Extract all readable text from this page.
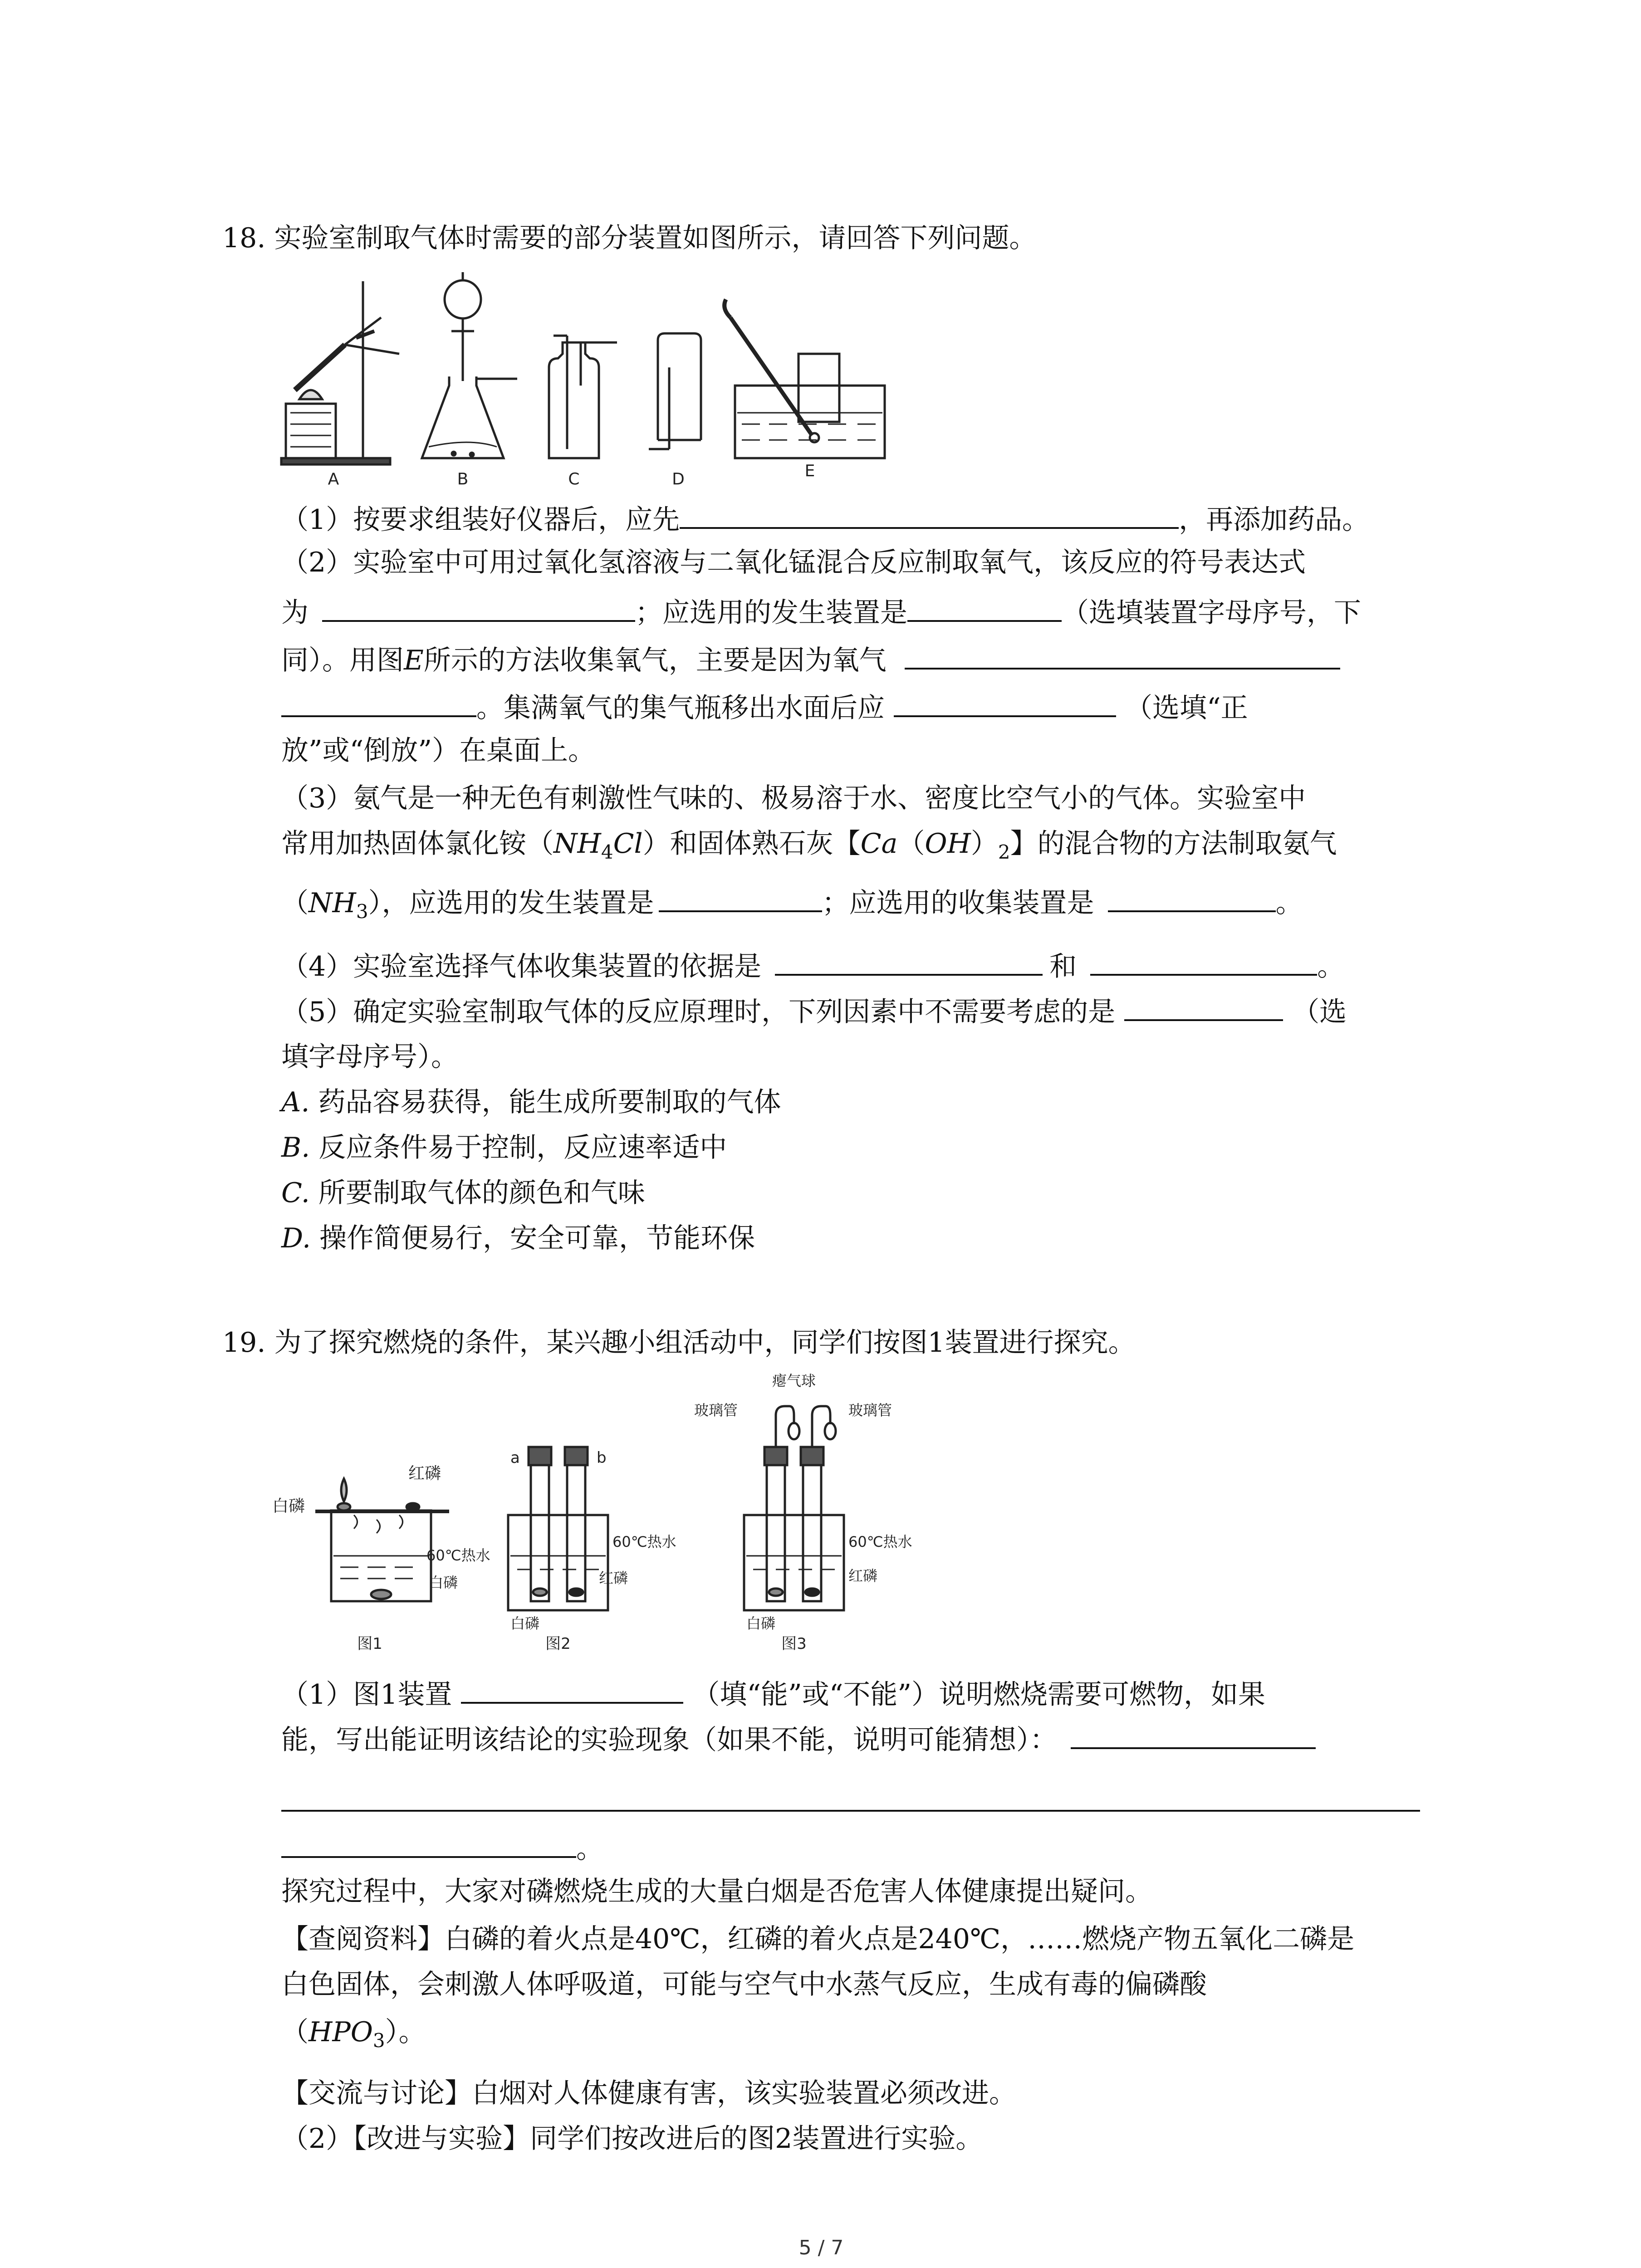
18. 实验室制取气体时需要的部分装置如图所示，请回答下列问题。
A	B	C	D	E
（1）按要求组装好仪器后，应先	，再添加药品。
（2）实验室中可用过氧化氢溶液与二氧化锰混合反应制取氧气，该反应的符号表达式
为	；应选用的发生装置是	（选填装置字母序号，下
同）。用图E所示的方法收集氧气，主要是因为氧气
。集满氧气的集气瓶移出水面后应	（选填“正
放”或“倒放”）在桌面上。
（3）氨气是一种无色有刺激性气味的、极易溶于水、密度比空气小的气体。实验室中
常用加热固体氯化铵$(NH_4Cl)$和固体熟石灰【$Ca(OH)_2$】的混合物的方法制取氨气
$(NH_3)$，应选用的发生装置是	；应选用的收集装置是	。
（4）实验室选择气体收集装置的依据是	和	。
（5）确定实验室制取气体的反应原理时，下列因素中不需要考虑的是	（选
填字母序号）。
A. 药品容易获得，能生成所要制取的气体
B. 反应条件易于控制，反应速率适中
C. 所要制取气体的颜色和气味
D. 操作简便易行，安全可靠，节能环保
19. 为了探究燃烧的条件，某兴趣小组活动中，同学们按图1装置进行探究。
白磷
红磷
60℃热水
白磷
图1
a	b
60℃热水
红磷
白磷
图2
瘪气球
玻璃管	玻璃管
60℃热水
红磷
白磷
图3
（1）图1装置	（填“能”或“不能”）说明燃烧需要可燃物，如果
能，写出能证明该结论的实验现象（如果不能，说明可能猜想）：
。
探究过程中，大家对磷燃烧生成的大量白烟是否危害人体健康提出疑问。
【查阅资料】白磷的着火点是40℃，红磷的着火点是240℃，……燃烧产物五氧化二磷是
白色固体，会刺激人体呼吸道，可能与空气中水蒸气反应，生成有毒的偏磷酸
$(HPO_3)$。
【交流与讨论】白烟对人体健康有害，该实验装置必须改进。
（2）【改进与实验】同学们按改进后的图2装置进行实验。
5 / 7
